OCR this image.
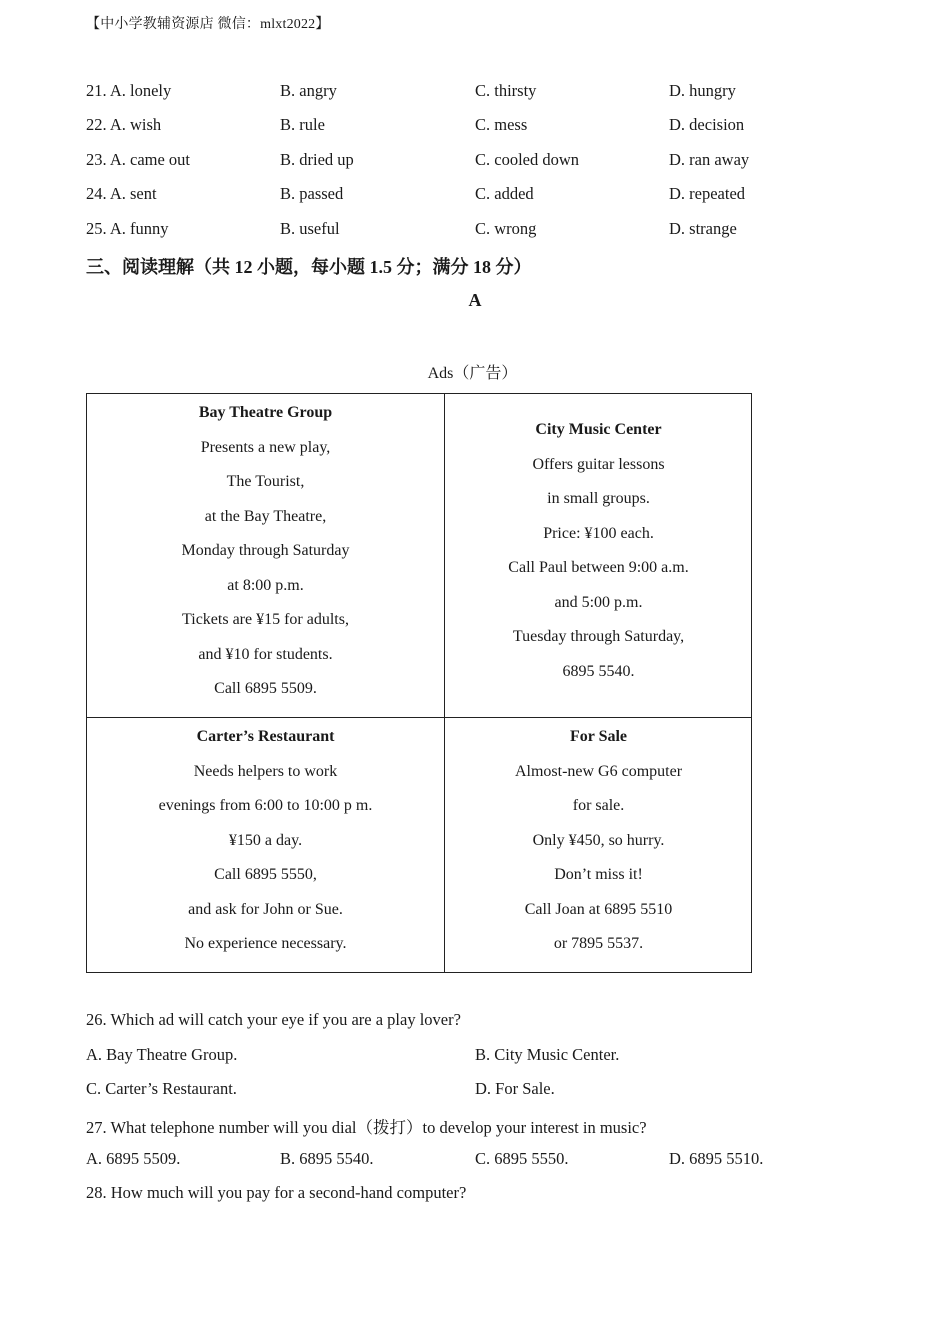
【中小学教辅资源店 微信：mlxt2022】
21. A. lonely	B. angry	C. thirsty	D. hungry
22. A. wish	B. rule	C. mess	D. decision
23. A. came out	B. dried up	C. cooled down	D. ran away
24. A. sent	B. passed	C. added	D. repeated
25. A. funny	B. useful	C. wrong	D. strange
三、阅读理解（共 12 小题，每小题 1.5 分；满分 18 分）
A
Ads（广告）
Bay Theatre Group
Presents a new play,
The Tourist,
at the Bay Theatre,
Monday through Saturday
at 8:00 p.m.
Tickets are ¥15 for adults,
and ¥10 for students.
Call 6895 5509.
City Music Center
Offers guitar lessons
in small groups.
Price: ¥100 each.
Call Paul between 9:00 a.m.
and 5:00 p.m.
Tuesday through Saturday,
6895 5540.
Carter’s Restaurant
Needs helpers to work
evenings from 6:00 to 10:00 p m.
¥150 a day.
Call 6895 5550,
and ask for John or Sue.
No experience necessary.
For Sale
Almost-new G6 computer
for sale.
Only ¥450, so hurry.
Don’t miss it!
Call Joan at 6895 5510
or 7895 5537.
26. Which ad will catch your eye if you are a play lover?
A. Bay Theatre Group.	B. City Music Center.
C. Carter’s Restaurant.	D. For Sale.
27. What telephone number will you dial（拨打）to develop your interest in music?
A. 6895 5509.	B. 6895 5540.	C. 6895 5550.	D. 6895 5510.
28. How much will you pay for a second-hand computer?
